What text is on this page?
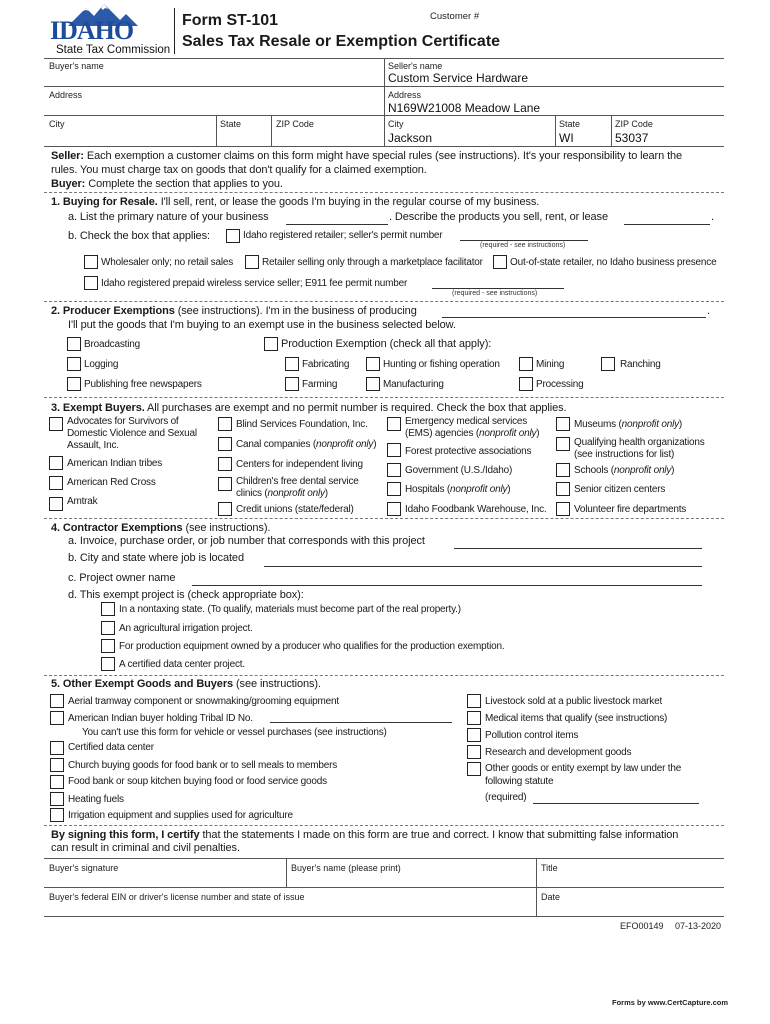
IDAHO
State Tax Commission
Form ST-101
Sales Tax Resale or Exemption Certificate
Customer #
Buyer's name
Address
City	State	ZIP Code
Seller's name
Custom Service Hardware
Address
N169W21008 Meadow Lane
City
Jackson
State
WI
ZIP Code
53037
Seller: Each exemption a customer claims on this form might have special rules (see instructions). It's your responsibility to learn the
rules. You must charge tax on goods that don't qualify for a claimed exemption.
Buyer: Complete the section that applies to you.
1. Buying for Resale. I'll sell, rent, or lease the goods I'm buying in the regular course of my business.
a. List the primary nature of your business	. Describe the products you sell, rent, or lease	.
b. Check the box that applies:	Idaho registered retailer; seller's permit number
(required - see instructions)
Wholesaler only; no retail sales	Retailer selling only through a marketplace facilitator	Out-of-state retailer, no Idaho business presence
Idaho registered prepaid wireless service seller; E911 fee permit number
(required - see instructions)
2. Producer Exemptions (see instructions). I'm in the business of producing	.
I'll put the goods that I'm buying to an exempt use in the business selected below.
Broadcasting	Production Exemption (check all that apply):
Logging	Fabricating	Hunting or fishing operation	Mining	Ranching
Publishing free newspapers	Farming	Manufacturing	Processing
3. Exempt Buyers. All purchases are exempt and no permit number is required. Check the box that applies.
Advocates for Survivors of
Domestic Violence and Sexual
Assault, Inc.
American Indian tribes
American Red Cross
Amtrak
Blind Services Foundation, Inc.
Canal companies (nonprofit only)
Centers for independent living
Children's free dental service
clinics (nonprofit only)
Credit unions (state/federal)
Emergency medical services
(EMS) agencies (nonprofit only)
Forest protective associations
Government (U.S./Idaho)
Hospitals (nonprofit only)
Idaho Foodbank Warehouse, Inc.
Museums (nonprofit only)
Qualifying health organizations
(see instructions for list)
Schools (nonprofit only)
Senior citizen centers
Volunteer fire departments
4. Contractor Exemptions (see instructions).
a. Invoice, purchase order, or job number that corresponds with this project
b. City and state where job is located
c. Project owner name
d. This exempt project is (check appropriate box):
In a nontaxing state. (To qualify, materials must become part of the real property.)
An agricultural irrigation project.
For production equipment owned by a producer who qualifies for the production exemption.
A certified data center project.
5. Other Exempt Goods and Buyers (see instructions).
Aerial tramway component or snowmaking/grooming equipment
American Indian buyer holding Tribal ID No.
You can't use this form for vehicle or vessel purchases (see instructions)
Certified data center
Church buying goods for food bank or to sell meals to members
Food bank or soup kitchen buying food or food service goods
Heating fuels
Irrigation equipment and supplies used for agriculture
Livestock sold at a public livestock market
Medical items that qualify (see instructions)
Pollution control items
Research and development goods
Other goods or entity exempt by law under the
following statute
(required)
By signing this form, I certify that the statements I made on this form are true and correct. I know that submitting false information
can result in criminal and civil penalties.
Buyer's signature	Buyer's name (please print)	Title
Buyer's federal EIN or driver's license number and state of issue	Date
EFO00149 07-13-2020
Forms by www.CertCapture.com
